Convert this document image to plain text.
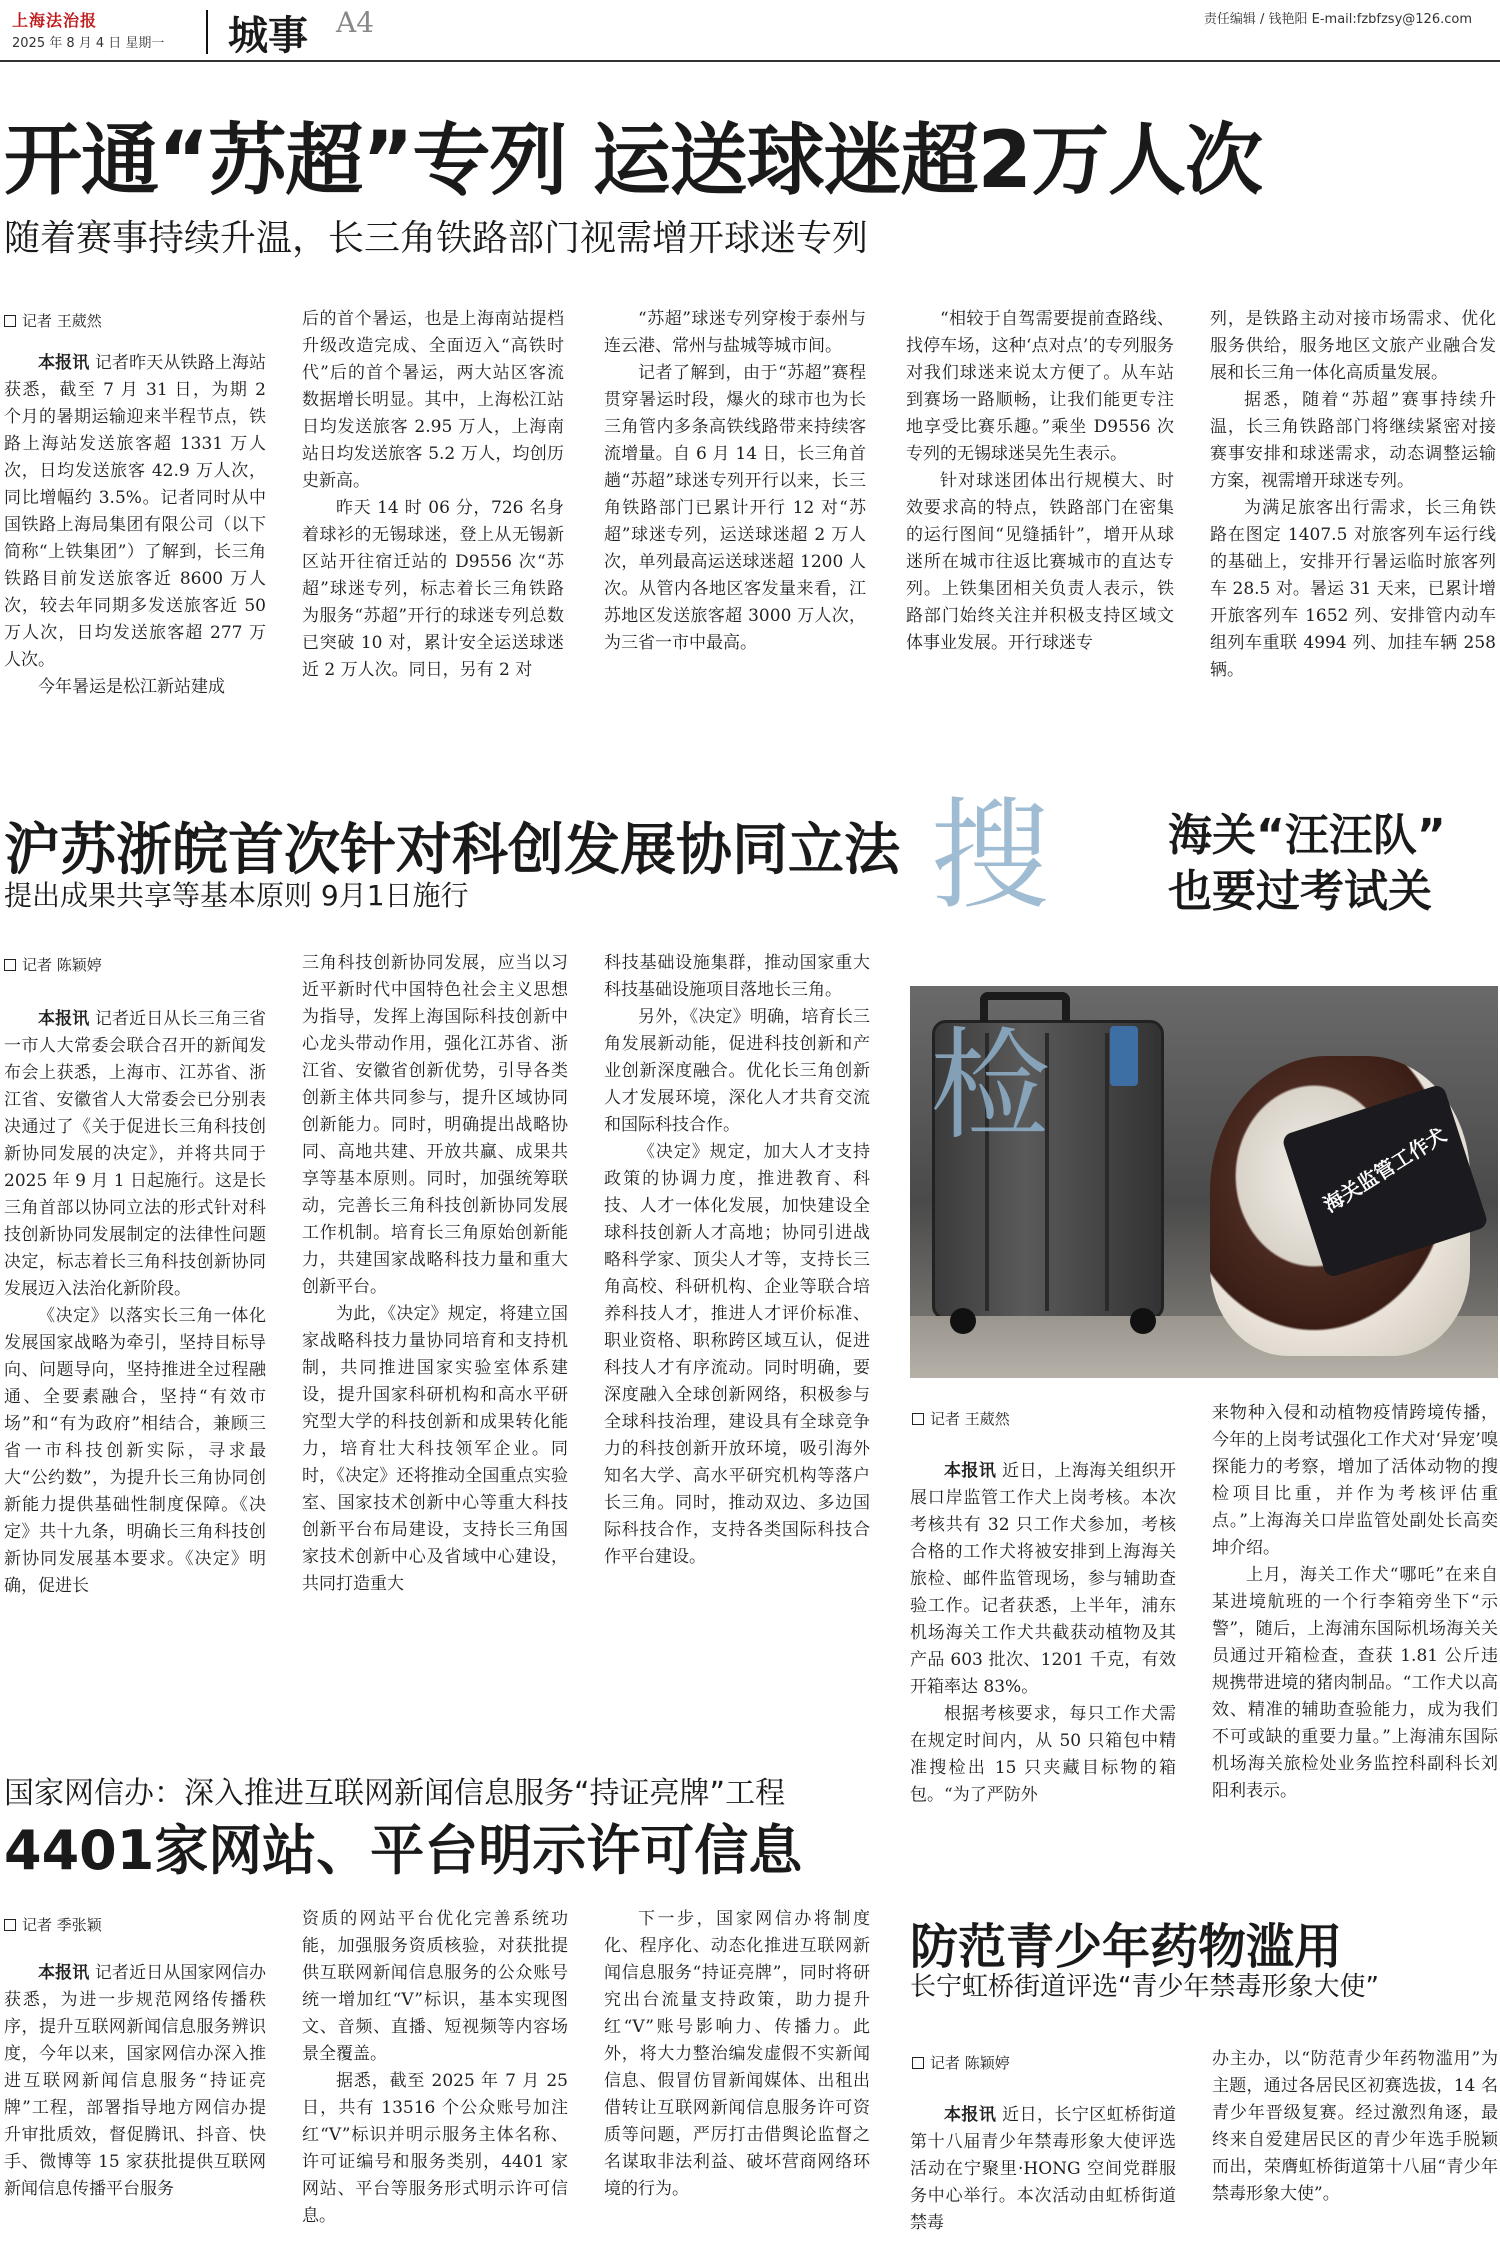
上海法治报
2025 年 8 月 4 日 星期一 城事 A4	责任编辑 / 钱艳阳 E-mail:fzbfzsy@126.com
开通“苏超”专列 运送球迷超2万人次
随着赛事持续升温，长三角铁路部门视需增开球迷专列
记者 王葳然

本报讯 记者昨天从铁路上海站获悉，截至 7 月 31 日，为期 2 个月的暑期运输迎来半程节点，铁路上海站发送旅客超 1331 万人次，日均发送旅客 42.9 万人次，同比增幅约 3.5%。记者同时从中国铁路上海局集团有限公司（以下简称“上铁集团”）了解到，长三角铁路目前发送旅客近 8600 万人次，较去年同期多发送旅客近 50 万人次，日均发送旅客超 277 万人次。

今年暑运是松江新站建成

后的首个暑运，也是上海南站提档升级改造完成、全面迈入“高铁时代”后的首个暑运，两大站区客流数据增长明显。其中，上海松江站日均发送旅客 2.95 万人，上海南站日均发送旅客 5.2 万人，均创历史新高。

昨天 14 时 06 分，726 名身着球衫的无锡球迷，登上从无锡新区站开往宿迁站的 D9556 次“苏超”球迷专列，标志着长三角铁路为服务“苏超”开行的球迷专列总数已突破 10 对，累计安全运送球迷近 2 万人次。同日，另有 2 对

“苏超”球迷专列穿梭于泰州与连云港、常州与盐城等城市间。

记者了解到，由于“苏超”赛程贯穿暑运时段，爆火的球市也为长三角管内多条高铁线路带来持续客流增量。自 6 月 14 日，长三角首趟“苏超”球迷专列开行以来，长三角铁路部门已累计开行 12 对“苏超”球迷专列，运送球迷超 2 万人次，单列最高运送球迷超 1200 人次。从管内各地区客发量来看，江苏地区发送旅客超 3000 万人次，为三省一市中最高。

“相较于自驾需要提前查路线、找停车场，这种‘点对点’的专列服务对我们球迷来说太方便了。从车站到赛场一路顺畅，让我们能更专注地享受比赛乐趣。”乘坐 D9556 次专列的无锡球迷吴先生表示。

针对球迷团体出行规模大、时效要求高的特点，铁路部门在密集的运行图间“见缝插针”，增开从球迷所在城市往返比赛城市的直达专列。上铁集团相关负责人表示，铁路部门始终关注并积极支持区域文体事业发展。开行球迷专

列，是铁路主动对接市场需求、优化服务供给，服务地区文旅产业融合发展和长三角一体化高质量发展。

据悉，随着“苏超”赛事持续升温，长三角铁路部门将继续紧密对接赛事安排和球迷需求，动态调整运输方案，视需增开球迷专列。

为满足旅客出行需求，长三角铁路在图定 1407.5 对旅客列车运行线的基础上，安排开行暑运临时旅客列车 28.5 对。暑运 31 天来，已累计增开旅客列车 1652 列、安排管内动车组列车重联 4994 列、加挂车辆 258 辆。

沪苏浙皖首次针对科创发展协同立法
提出成果共享等基本原则 9月1日施行
记者 陈颖婷

本报讯 记者近日从长三角三省一市人大常委会联合召开的新闻发布会上获悉，上海市、江苏省、浙江省、安徽省人大常委会已分别表决通过了《关于促进长三角科技创新协同发展的决定》，并将共同于 2025 年 9 月 1 日起施行。这是长三角首部以协同立法的形式针对科技创新协同发展制定的法律性问题决定，标志着长三角科技创新协同发展迈入法治化新阶段。

《决定》以落实长三角一体化发展国家战略为牵引，坚持目标导向、问题导向，坚持推进全过程融通、全要素融合，坚持“有效市场”和“有为政府”相结合，兼顾三省一市科技创新实际，寻求最大“公约数”，为提升长三角协同创新能力提供基础性制度保障。《决定》共十九条，明确长三角科技创新协同发展基本要求。《决定》明确，促进长

三角科技创新协同发展，应当以习近平新时代中国特色社会主义思想为指导，发挥上海国际科技创新中心龙头带动作用，强化江苏省、浙江省、安徽省创新优势，引导各类创新主体共同参与，提升区域协同创新能力。同时，明确提出战略协同、高地共建、开放共赢、成果共享等基本原则。同时，加强统筹联动，完善长三角科技创新协同发展工作机制。培育长三角原始创新能力，共建国家战略科技力量和重大创新平台。

为此，《决定》规定，将建立国家战略科技力量协同培育和支持机制，共同推进国家实验室体系建设，提升国家科研机构和高水平研究型大学的科技创新和成果转化能力，培育壮大科技领军企业。同时，《决定》还将推动全国重点实验室、国家技术创新中心等重大科技创新平台布局建设，支持长三角国家技术创新中心及省域中心建设，共同打造重大

科技基础设施集群，推动国家重大科技基础设施项目落地长三角。

另外，《决定》明确，培育长三角发展新动能，促进科技创新和产业创新深度融合。优化长三角创新人才发展环境，深化人才共育交流和国际科技合作。

《决定》规定，加大人才支持政策的协调力度，推进教育、科技、人才一体化发展，加快建设全球科技创新人才高地；协同引进战略科学家、顶尖人才等，支持长三角高校、科研机构、企业等联合培养科技人才，推进人才评价标准、职业资格、职称跨区域互认，促进科技人才有序流动。同时明确，要深度融入全球创新网络，积极参与全球科技治理，建设具有全球竞争力的科技创新开放环境，吸引海外知名大学、高水平研究机构等落户长三角。同时，推动双边、多边国际科技合作，支持各类国际科技合作平台建设。

搜
检
海关“汪汪队”
也要过考试关
海关监管工作犬
记者 王葳然

本报讯 近日，上海海关组织开展口岸监管工作犬上岗考核。本次考核共有 32 只工作犬参加，考核合格的工作犬将被安排到上海海关旅检、邮件监管现场，参与辅助查验工作。记者获悉，上半年，浦东机场海关工作犬共截获动植物及其产品 603 批次、1201 千克，有效开箱率达 83%。

根据考核要求，每只工作犬需在规定时间内，从 50 只箱包中精准搜检出 15 只夹藏目标物的箱包。“为了严防外

来物种入侵和动植物疫情跨境传播，今年的上岗考试强化工作犬对‘异宠’嗅探能力的考察，增加了活体动物的搜检项目比重，并作为考核评估重点。”上海海关口岸监管处副处长高奕坤介绍。

上月，海关工作犬“哪吒”在来自某进境航班的一个行李箱旁坐下“示警”，随后，上海浦东国际机场海关关员通过开箱检查，查获 1.81 公斤违规携带进境的猪肉制品。“工作犬以高效、精准的辅助查验能力，成为我们不可或缺的重要力量。”上海浦东国际机场海关旅检处业务监控科副科长刘阳利表示。

国家网信办：深入推进互联网新闻信息服务“持证亮牌”工程
4401家网站、平台明示许可信息
记者 季张颖

本报讯 记者近日从国家网信办获悉，为进一步规范网络传播秩序，提升互联网新闻信息服务辨识度，今年以来，国家网信办深入推进互联网新闻信息服务“持证亮牌”工程，部署指导地方网信办提升审批质效，督促腾讯、抖音、快手、微博等 15 家获批提供互联网新闻信息传播平台服务

资质的网站平台优化完善系统功能，加强服务资质核验，对获批提供互联网新闻信息服务的公众账号统一增加红“V”标识，基本实现图文、音频、直播、短视频等内容场景全覆盖。

据悉，截至 2025 年 7 月 25 日，共有 13516 个公众账号加注红“V”标识并明示服务主体名称、许可证编号和服务类别，4401 家网站、平台等服务形式明示许可信息。

下一步，国家网信办将制度化、程序化、动态化推进互联网新闻信息服务“持证亮牌”，同时将研究出台流量支持政策，助力提升红“V”账号影响力、传播力。此外，将大力整治编发虚假不实新闻信息、假冒仿冒新闻媒体、出租出借转让互联网新闻信息服务许可资质等问题，严厉打击借舆论监督之名谋取非法利益、破坏营商网络环境的行为。

防范青少年药物滥用
长宁虹桥街道评选“青少年禁毒形象大使”
记者 陈颖婷

本报讯 近日，长宁区虹桥街道第十八届青少年禁毒形象大使评选活动在宁聚里·HONG 空间党群服务中心举行。本次活动由虹桥街道禁毒

办主办，以“防范青少年药物滥用”为主题，通过各居民区初赛选拔，14 名青少年晋级复赛。经过激烈角逐，最终来自爱建居民区的青少年选手脱颖而出，荣膺虹桥街道第十八届“青少年禁毒形象大使”。
